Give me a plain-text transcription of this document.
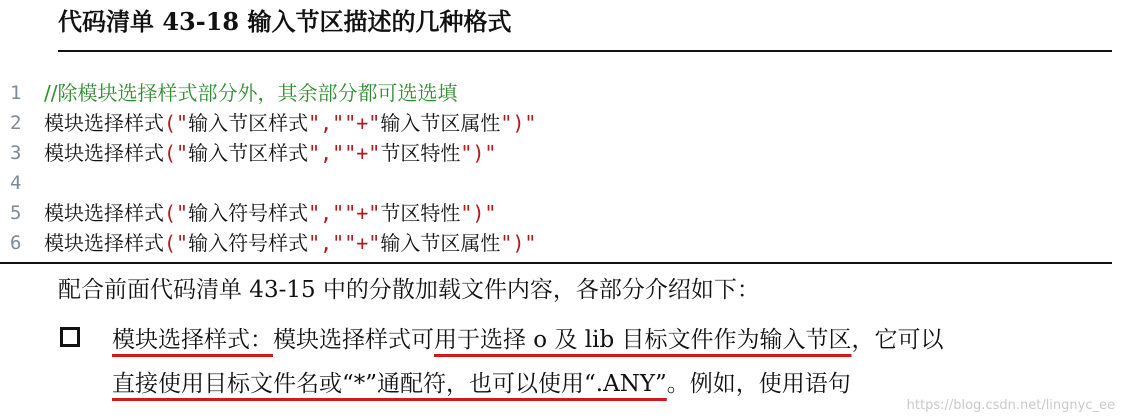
代码清单 43-18 输入节区描述的几种格式
1	//除模块选择样式部分外，其余部分都可选选填
2	模块选择样式 (" 输入节区样式 ",""+" 输入节区属性 ")"
3	模块选择样式 (" 输入节区样式 ",""+" 节区特性 ")"
4
5	模块选择样式 (" 输入符号样式 ",""+" 节区特性 ")"
6	模块选择样式 (" 输入符号样式 ",""+" 输入节区属性 ")"
配合前面代码清单 43-15 中的分散加载文件内容，各部分介绍如下：
模块选择样式：模块选择样式可用于选择 o 及 lib 目标文件作为输入节区，它可以
直接使用目标文件名或“*”通配符，也可以使用“.ANY”。例如，使用语句
https://blog.csdn.net/lingnyc_ee
